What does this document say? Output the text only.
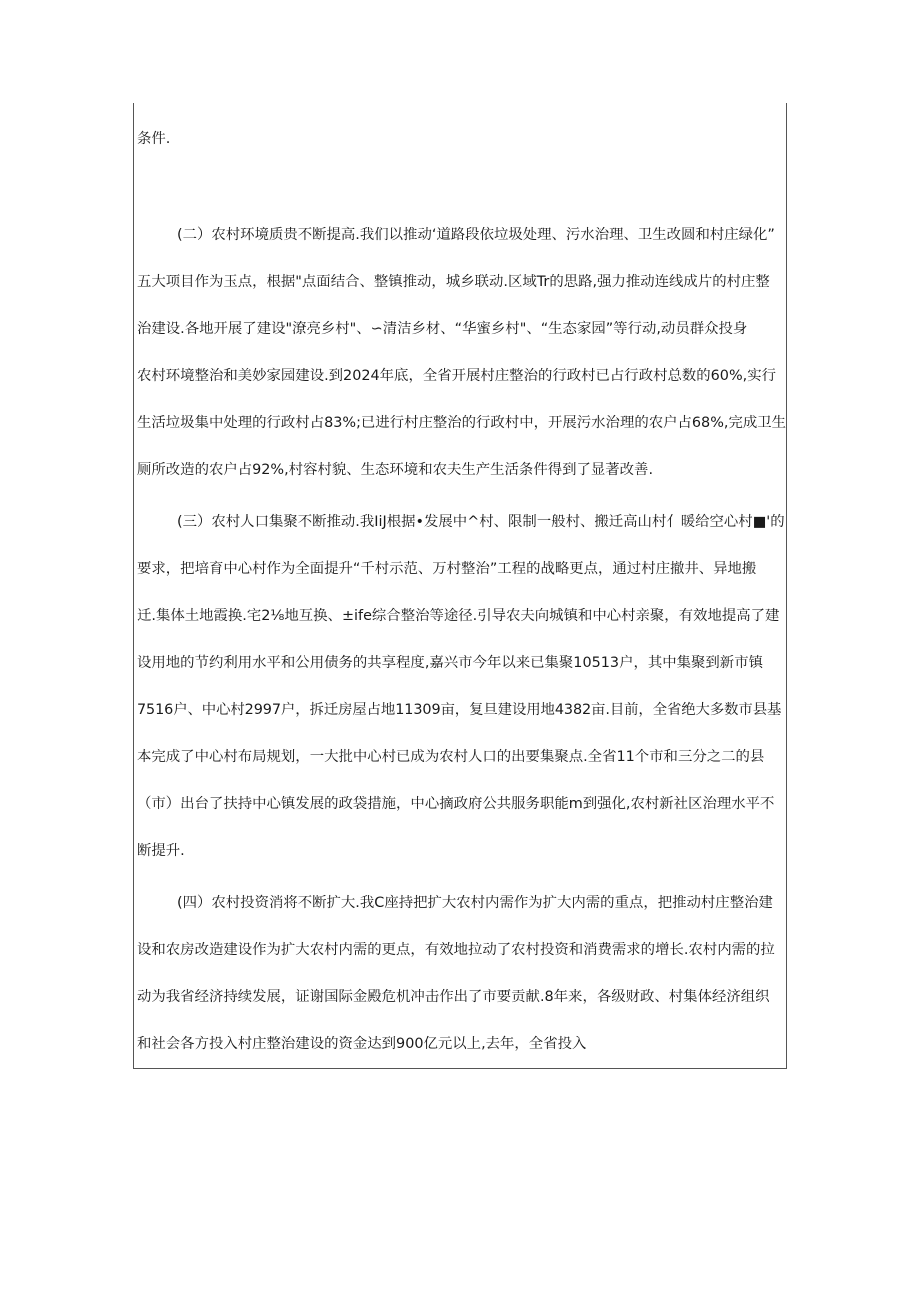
条件.
(二）农村环境质贵不断提高.我们以推动‘道路段依垃圾处理、污水治理、卫生改圆和村庄绿化”
五大项目作为玉点，根据"点面结合、整镇推动，城乡联动.区域Tr的思路,强力推动连线成片的村庄整
治建设.各地开展了建设"潦亮乡村"、∽清洁乡材、“华蜜乡村"、“生态家园”等行动,动员群众投身
农村环境整治和美妙家园建设.到2024年底，全省开展村庄整治的行政村已占行政村总数的60%,实行
生活垃圾集中处理的行政村占83%;已进行村庄整治的行政村中，开展污水治理的农户占68%,完成卫生
厕所改造的农户占92%,村容村貌、生态环境和农夫生产生活条件得到了显著改善.
(三）农村人口集聚不断推动.我IiJ根据•发展中^村、限制一般村、搬迁高山村亻暖给空心村■'的
要求，把培育中心村作为全面提升“千村示范、万村整治”工程的战略更点，通过村庄撤井、异地搬
迁.集体土地霞换.宅2⅛地互换、±ife综合整治等途径.引导农夫向城镇和中心村亲聚，有效地提高了建
设用地的节约利用水平和公用债务的共享程度,嘉兴市今年以来已集聚10513户，其中集聚到新市镇
7516户、中心村2997户，拆迁房屋占地11309亩，复旦建设用地4382亩.目前，全省绝大多数市县基
本完成了中心村布局规划，一大批中心村已成为农村人口的出要集聚点.全省11个市和三分之二的县
（市）出台了扶持中心镇发展的政袋措施，中心摘政府公共服务职能m到强化,农村新社区治理水平不
断提升.
(四）农村投资消将不断扩大.我C座持把扩大农村内需作为扩大内需的重点，把推动村庄整治建
设和农房改造建设作为扩大农村内需的更点，有效地拉动了农村投资和消费需求的增长.农村内需的拉
动为我省经济持续发展，证谢国际金殿危机冲击作出了市要贡献.8年来，各级财政、村集体经济组织
和社会各方投入村庄整治建设的资金达到900亿元以上,去年，全省投入
